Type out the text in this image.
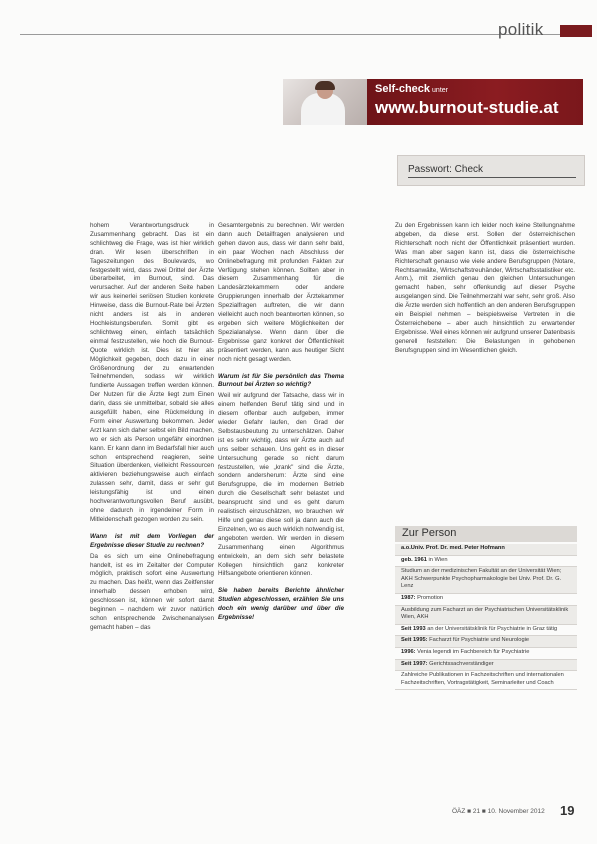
politik
Self-check unter
www.burnout-studie.at
Passwort: Check

hohem Verantwortungsdruck in Zusammenhang gebracht. Das ist ein schlichtweg die Frage, was ist hier wirklich dran. Wir lesen überschriften in Tageszeitungen des Boulevards, wo festgestellt wird, dass zwei Drittel der Ärzte überarbeitet, im Burnout, sind. Das verursacher. Auf der anderen Seite haben wir aus keinerlei seriösen Studien konkrete Hinweise, dass die Burnout-Rate bei Ärzten nicht anders ist als in anderen Hochleistungsberufen. Somit gibt es schlichtweg einen, einfach tatsächlich einmal festzustellen, wie hoch die Burnout-Quote wirklich ist. Dies ist hier als Möglichkeit gegeben, doch dazu in einer Größenordnung der zu erwartenden Teilnehmenden, sodass wir wirklich fundierte Aussagen treffen werden können. Der Nutzen für die Ärzte liegt zum Einen darin, dass sie unmittelbar, sobald sie alles ausgefüllt haben, eine Rückmeldung in Form einer Auswertung bekommen. Jeder Arzt kann sich daher selbst ein Bild machen, wo er sich als Person ungefähr einordnen kann. Er kann dann im Bedarfsfall hier auch schon entsprechend reagieren, seine Situation überdenken, vielleicht Ressourcen aktivieren beziehungsweise auch einfach zulassen sehr, damit, dass er sehr gut leistungsfähig ist und einen hochverantwortungsvollen Beruf ausübt, ohne dadurch in irgendeiner Form in Mitleidenschaft gezogen worden zu sein.

Wann ist mit dem Vorliegen der Ergebnisse dieser Studie zu rechnen?

Da es sich um eine Onlinebefragung handelt, ist es im Zeitalter der Computer möglich, praktisch sofort eine Auswertung zu machen. Das heißt, wenn das Zeitfenster innerhalb dessen erhoben wird, geschlossen ist, können wir sofort damit beginnen – nachdem wir zuvor natürlich schon entsprechende Zwischenanalysen gemacht haben – das

Gesamtergebnis zu berechnen. Wir werden dann auch Detailfragen analysieren und gehen davon aus, dass wir dann sehr bald, ein paar Wochen nach Abschluss der Onlinebefragung mit profunden Fakten zur Verfügung stehen können. Sollten aber in diesem Zusammenhang für die Landesärztekammern oder andere Gruppierungen innerhalb der Ärztekammer Spezialfragen auftreten, die wir dann vielleicht auch noch beantworten können, so ergeben sich weitere Möglichkeiten der Spezialanalyse. Wenn dann über die Ergebnisse ganz konkret der Öffentlichkeit präsentiert werden, kann aus heutiger Sicht noch nicht gesagt werden.

Warum ist für Sie persönlich das Thema Burnout bei Ärzten so wichtig?

Weil wir aufgrund der Tatsache, dass wir in einem helfenden Beruf tätig sind und in diesem offenbar auch aufgeben, immer wieder Gefahr laufen, den Grad der Selbstausbeutung zu unterschätzen. Daher ist es sehr wichtig, dass wir Ärzte auch auf uns selber schauen. Uns geht es in dieser Untersuchung gerade so nicht darum festzustellen, wie „krank" sind die Ärzte, sondern andersherum: Ärzte sind eine Berufsgruppe, die im modernen Betrieb durch die Gesellschaft sehr belastet und beansprucht sind und es geht darum realistisch einzuschätzen, wo brauchen wir Hilfe und genau diese soll ja dann auch die Einzelnen, wo es auch wirklich notwendig ist, angeboten werden. Wir werden in diesem Zusammenhang einen Algorithmus entwickeln, an dem sich sehr belastete Kollegen hinsichtlich ganz konkreter Hilfsangebote orientieren können.

Sie haben bereits Berichte ähnlicher Studien abgeschlossen, erzählen Sie uns doch ein wenig darüber und über die Ergebnisse!

Zu den Ergebnissen kann ich leider noch keine Stellungnahme abgeben, da diese erst. Sollen der österreichischen Richterschaft noch nicht der Öffentlichkeit präsentiert wurden. Was man aber sagen kann ist, dass die österreichische Richterschaft genauso wie viele andere Berufsgruppen (Notare, Rechtsanwälte, Wirtschaftstreuhänder, Wirtschaftsstatistiker etc. Anm.), mit ziemlich genau den gleichen Untersuchungen gemacht haben, sehr offenkundig auf dieser Psyche ausgelangen sind. Die Teilnehmerzahl war sehr, sehr groß. Also die Ärzte werden sich hoffentlich an den anderen Berufsgruppen ein Beispiel nehmen – beispielsweise Vertreten in die Österreichebene – aber auch hinsichtlich zu erwartender Ergebnisse. Weil eines können wir aufgrund unserer Datenbasis generell feststellen: Die Belastungen in gehobenen Berufsgruppen sind im Wesentlichen gleich.

Zur Person
a.o.Univ. Prof. Dr. med. Peter Hofmann
geb. 1961 in Wien
Studium an der medizinischen Fakultät an der Universität Wien; AKH Schwerpunkte Psychopharmakologie bei Univ. Prof. Dr. G. Lenz
1987: Promotion
Ausbildung zum Facharzt an der Psychiatrischen Universitätsklinik Wien, AKH
Seit 1993 an der Universitätsklinik für Psychiatrie in Graz tätig
Seit 1995: Facharzt für Psychiatrie und Neurologie
1996: Venia legendi im Fachbereich für Psychiatrie
Seit 1997: Gerichtssachverständiger
Zahlreiche Publikationen in Fachzeitschriften und internationalen Fachzeitschriften, Vortragstätigkeit, Seminarleiter und Coach
ÖÄZ ■ 21 ■ 10. November 2012 19
